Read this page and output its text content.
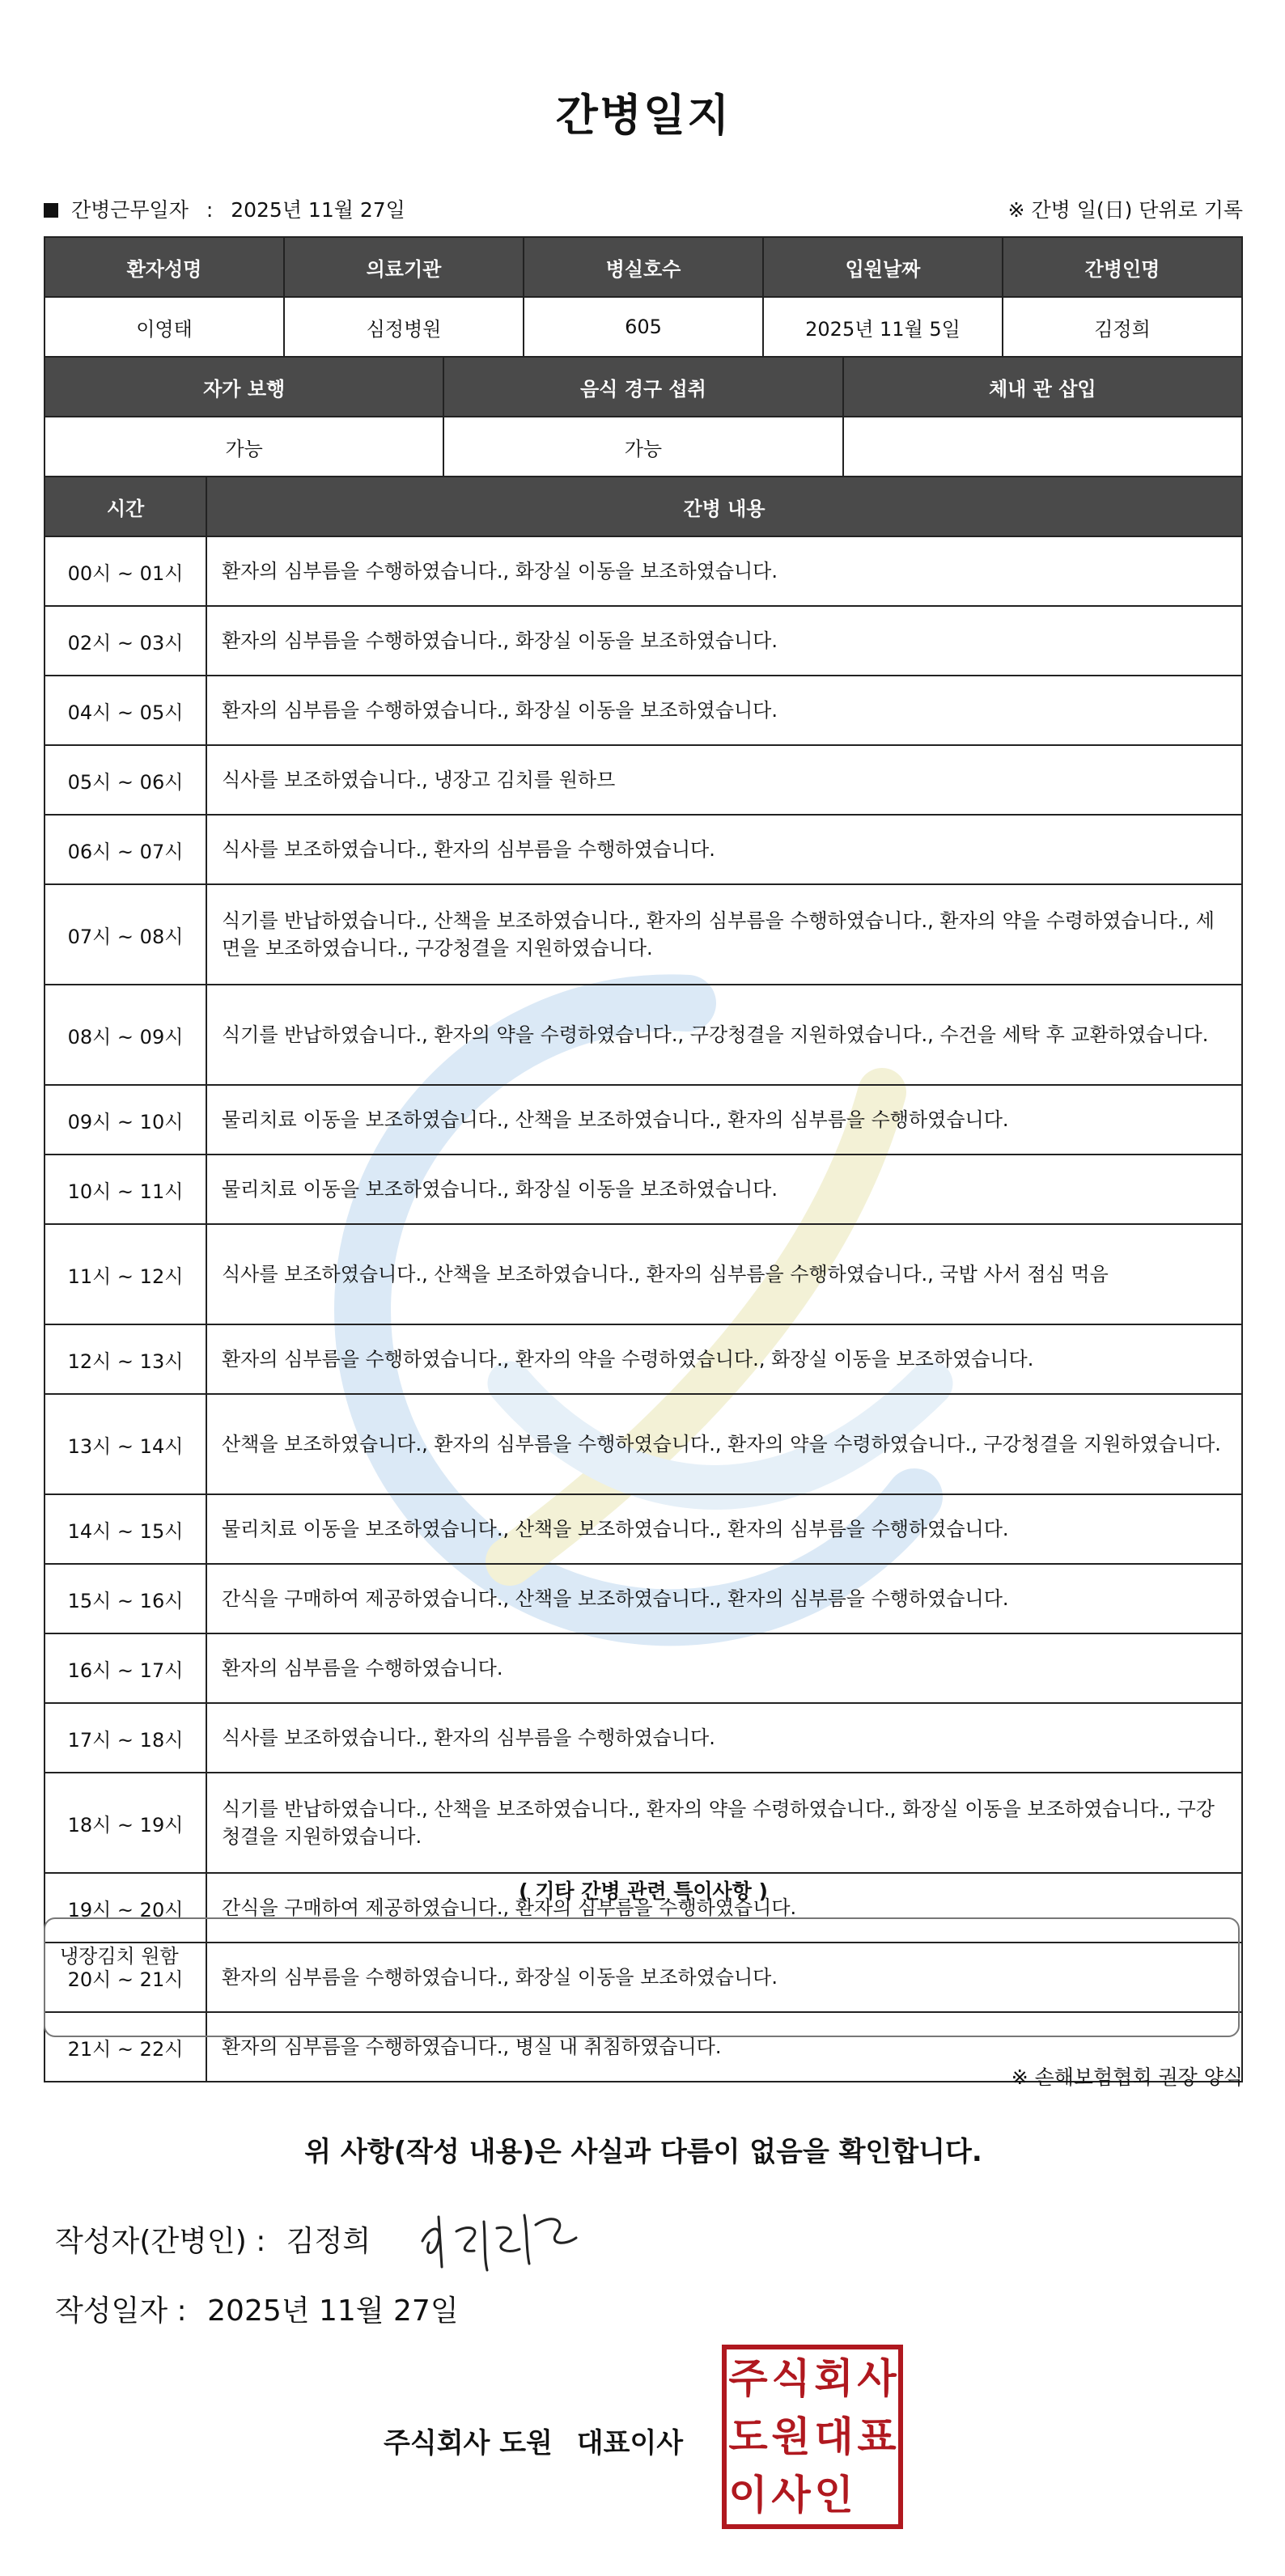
간병일지
간병근무일자 : 2025년 11월 27일	※ 간병 일(日) 단위로 기록
환자성명	의료기관	병실호수	입원날짜	간병인명
이영태	심정병원	605	2025년 11월 5일	김정희
자가 보행	음식 경구 섭취	체내 관 삽입
가능	가능	
시간	간병 내용
00시 ~ 01시	환자의 심부름을 수행하였습니다., 화장실 이동을 보조하였습니다.
02시 ~ 03시	환자의 심부름을 수행하였습니다., 화장실 이동을 보조하였습니다.
04시 ~ 05시	환자의 심부름을 수행하였습니다., 화장실 이동을 보조하였습니다.
05시 ~ 06시	식사를 보조하였습니다., 냉장고 김치를 원하므
06시 ~ 07시	식사를 보조하였습니다., 환자의 심부름을 수행하였습니다.
07시 ~ 08시	식기를 반납하였습니다., 산책을 보조하였습니다., 환자의 심부름을 수행하였습니다., 환자의 약을 수령하였습니다., 세면을 보조하였습니다., 구강청결을 지원하였습니다.
08시 ~ 09시	식기를 반납하였습니다., 환자의 약을 수령하였습니다., 구강청결을 지원하였습니다., 수건을 세탁 후 교환하였습니다.
09시 ~ 10시	물리치료 이동을 보조하였습니다., 산책을 보조하였습니다., 환자의 심부름을 수행하였습니다.
10시 ~ 11시	물리치료 이동을 보조하였습니다., 화장실 이동을 보조하였습니다.
11시 ~ 12시	식사를 보조하였습니다., 산책을 보조하였습니다., 환자의 심부름을 수행하였습니다., 국밥 사서 점심 먹음
12시 ~ 13시	환자의 심부름을 수행하였습니다., 환자의 약을 수령하였습니다., 화장실 이동을 보조하였습니다.
13시 ~ 14시	산책을 보조하였습니다., 환자의 심부름을 수행하였습니다., 환자의 약을 수령하였습니다., 구강청결을 지원하였습니다.
14시 ~ 15시	물리치료 이동을 보조하였습니다., 산책을 보조하였습니다., 환자의 심부름을 수행하였습니다.
15시 ~ 16시	간식을 구매하여 제공하였습니다., 산책을 보조하였습니다., 환자의 심부름을 수행하였습니다.
16시 ~ 17시	환자의 심부름을 수행하였습니다.
17시 ~ 18시	식사를 보조하였습니다., 환자의 심부름을 수행하였습니다.
18시 ~ 19시	식기를 반납하였습니다., 산책을 보조하였습니다., 환자의 약을 수령하였습니다., 화장실 이동을 보조하였습니다., 구강청결을 지원하였습니다.
19시 ~ 20시	간식을 구매하여 제공하였습니다., 환자의 심부름을 수행하였습니다.
20시 ~ 21시	환자의 심부름을 수행하였습니다., 화장실 이동을 보조하였습니다.
21시 ~ 22시	환자의 심부름을 수행하였습니다., 병실 내 취침하였습니다.
( 기타 간병 관련 특이사항 )
냉장김치 원함
※ 손해보험협회 권장 양식
위 사항(작성 내용)은 사실과 다름이 없음을 확인합니다.
작성자(간병인) : 김정희
작성일자 : 2025년 11월 27일
주식회사 도원 대표이사
주 식 회 사
도 원 대 표
이 사 인
